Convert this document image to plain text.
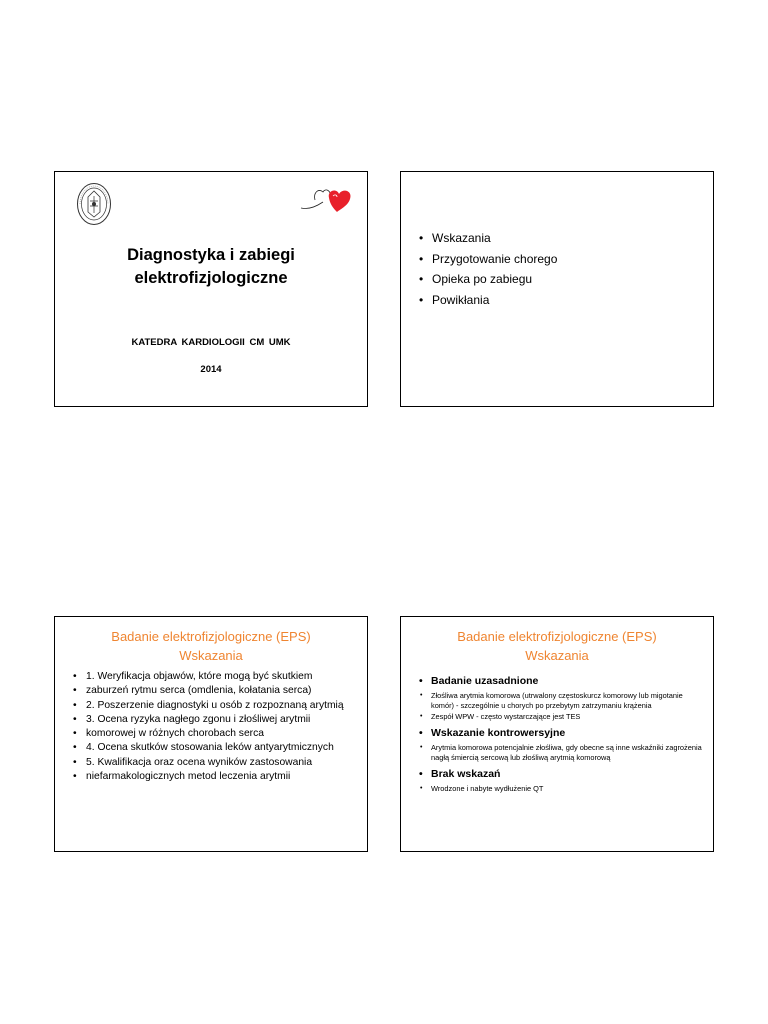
Diagnostyka i zabiegi
elektrofizjologiczne
KATEDRA KARDIOLOGII CM UMK
2014
• Wskazania
• Przygotowanie chorego
• Opieka po zabiegu
• Powikłania
Badanie elektrofizjologiczne (EPS)
Wskazania
• 1. Weryfikacja objawów, które mogą być skutkiem
• zaburzeń rytmu serca (omdlenia, kołatania serca)
• 2. Poszerzenie diagnostyki u osób z rozpoznaną arytmią
• 3. Ocena ryzyka nagłego zgonu i złośliwej arytmii
• komorowej w różnych chorobach serca
• 4. Ocena skutków stosowania leków antyarytmicznych
• 5. Kwalifikacja oraz ocena wyników zastosowania
• niefarmakologicznych metod leczenia arytmii
Badanie elektrofizjologiczne (EPS)
Wskazania
• Badanie uzasadnione
• Złośliwa arytmia komorowa (utrwalony częstoskurcz komorowy lub migotanie komór) - szczególnie u chorych po przebytym zatrzymaniu krążenia
• Zespół WPW - często wystarczające jest TES
• Wskazanie kontrowersyjne
• Arytmia komorowa potencjalnie złośliwa, gdy obecne są inne wskaźniki zagrożenia nagłą śmiercią sercową lub złośliwą arytmią komorową
• Brak wskazań
• Wrodzone i nabyte wydłużenie QT
